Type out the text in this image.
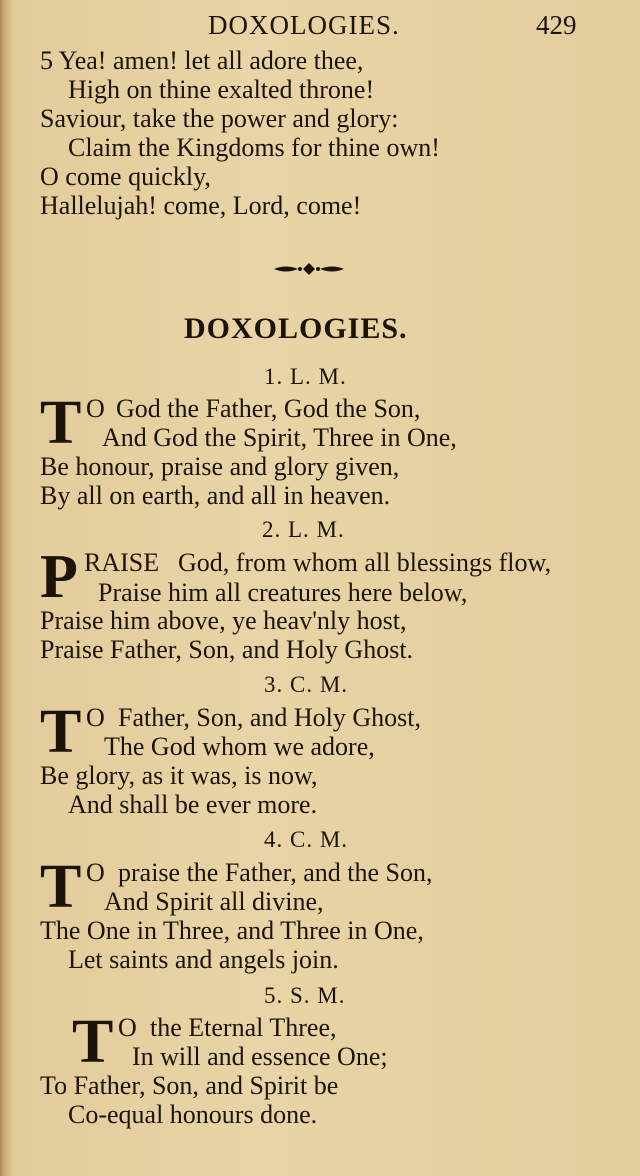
DOXOLOGIES.	429
5 Yea! amen! let all adore thee,
High on thine exalted throne!
Saviour, take the power and glory:
Claim the Kingdoms for thine own!
O come quickly,
Hallelujah! come, Lord, come!
DOXOLOGIES.
1. L. M.
T O God the Father, God the Son,
And God the Spirit, Three in One,
Be honour, praise and glory given,
By all on earth, and all in heaven.
2. L. M.
P RAISE God, from whom all blessings flow,
Praise him all creatures here below,
Praise him above, ye heav'nly host,
Praise Father, Son, and Holy Ghost.
3. C. M.
T O Father, Son, and Holy Ghost,
The God whom we adore,
Be glory, as it was, is now,
And shall be ever more.
4. C. M.
T O praise the Father, and the Son,
And Spirit all divine,
The One in Three, and Three in One,
Let saints and angels join.
5. S. M.
T O the Eternal Three,
In will and essence One;
To Father, Son, and Spirit be
Co-equal honours done.
